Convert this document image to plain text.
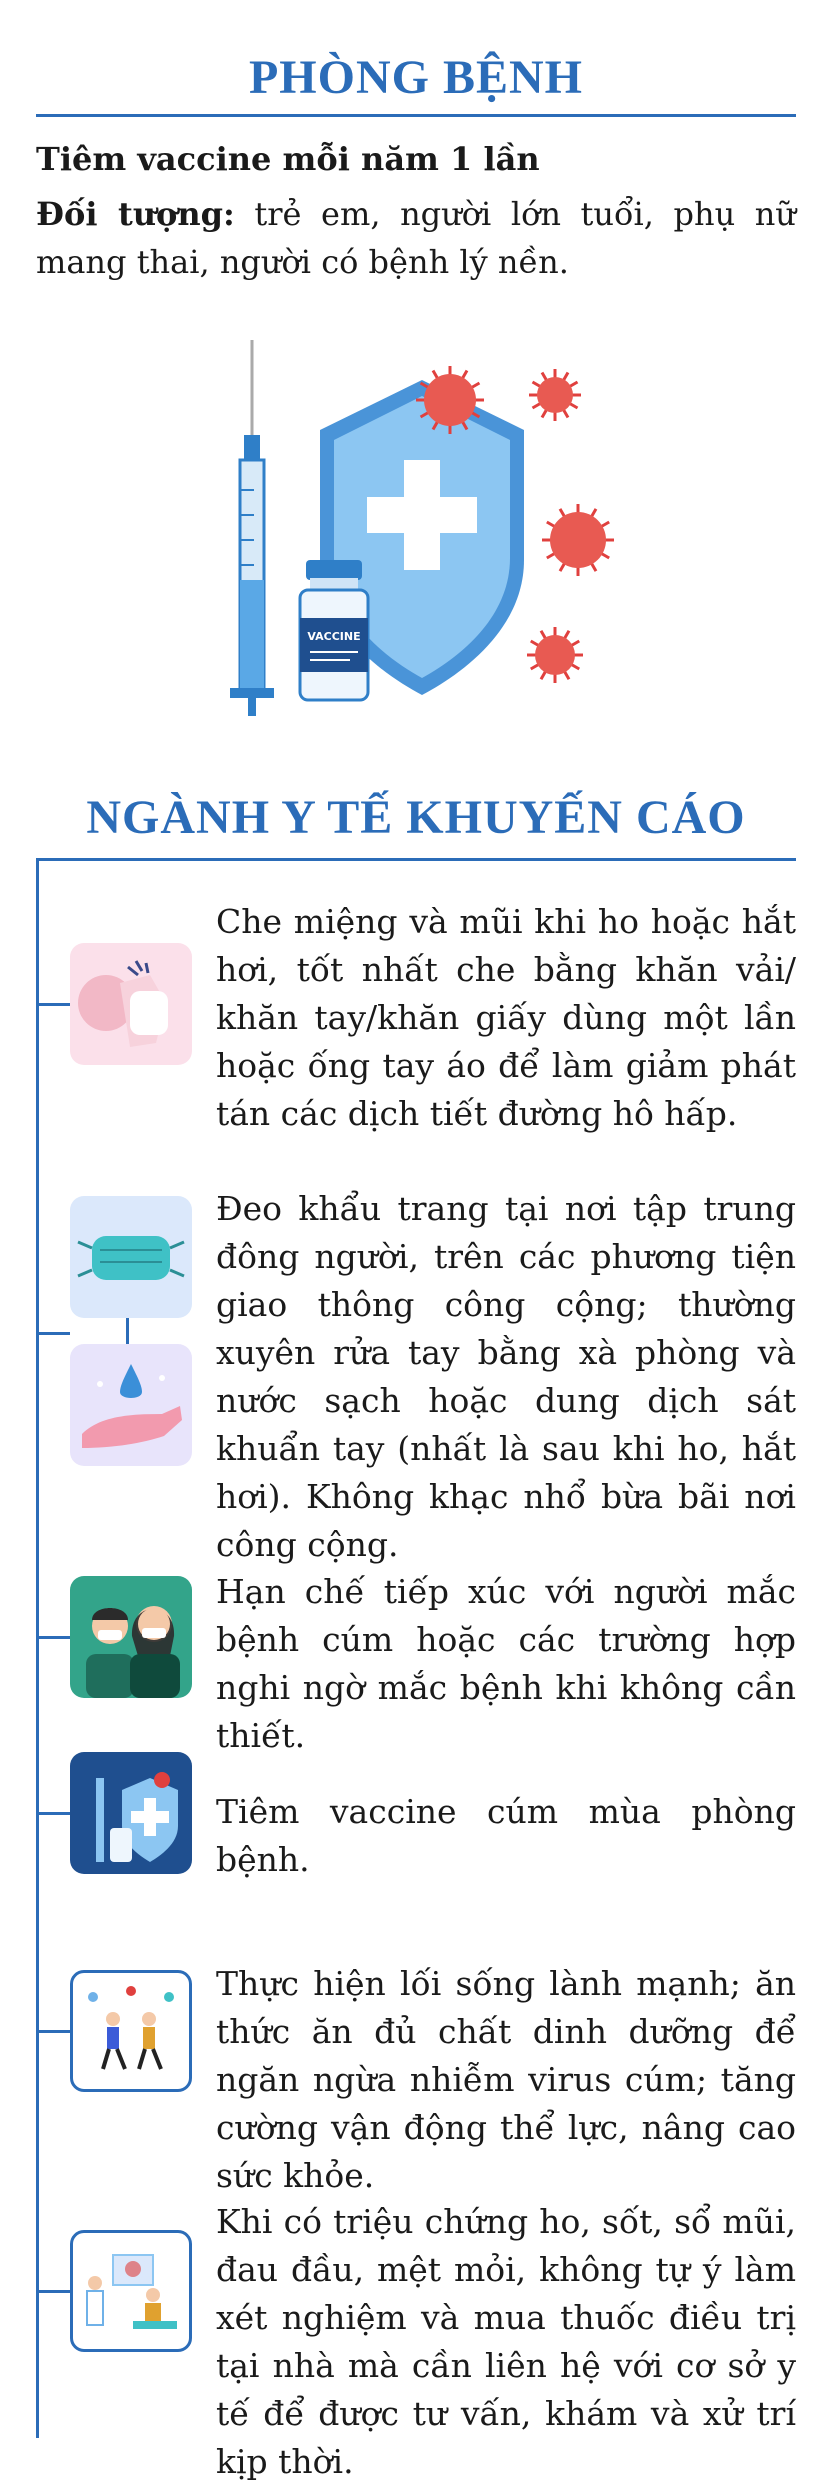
PHÒNG BỆNH
Tiêm vaccine mỗi năm 1 lần
Đối tượng: trẻ em, người lớn tuổi, phụ nữ mang thai, người có bệnh lý nền.
VACCINE
NGÀNH Y TẾ KHUYẾN CÁO
Che miệng và mũi khi ho hoặc hắt hơi, tốt nhất che bằng khăn vải/ khăn tay/khăn giấy dùng một lần hoặc ống tay áo để làm giảm phát tán các dịch tiết đường hô hấp.
Đeo khẩu trang tại nơi tập trung đông người, trên các phương tiện giao thông công cộng; thường xuyên rửa tay bằng xà phòng và nước sạch hoặc dung dịch sát khuẩn tay (nhất là sau khi ho, hắt hơi). Không khạc nhổ bừa bãi nơi công cộng.
Hạn chế tiếp xúc với người mắc bệnh cúm hoặc các trường hợp nghi ngờ mắc bệnh khi không cần thiết.
Tiêm vaccine cúm mùa phòng bệnh.
Thực hiện lối sống lành mạnh; ăn thức ăn đủ chất dinh dưỡng để ngăn ngừa nhiễm virus cúm; tăng cường vận động thể lực, nâng cao sức khỏe.
Khi có triệu chứng ho, sốt, sổ mũi, đau đầu, mệt mỏi, không tự ý làm xét nghiệm và mua thuốc điều trị tại nhà mà cần liên hệ với cơ sở y tế để được tư vấn, khám và xử trí kịp thời.
